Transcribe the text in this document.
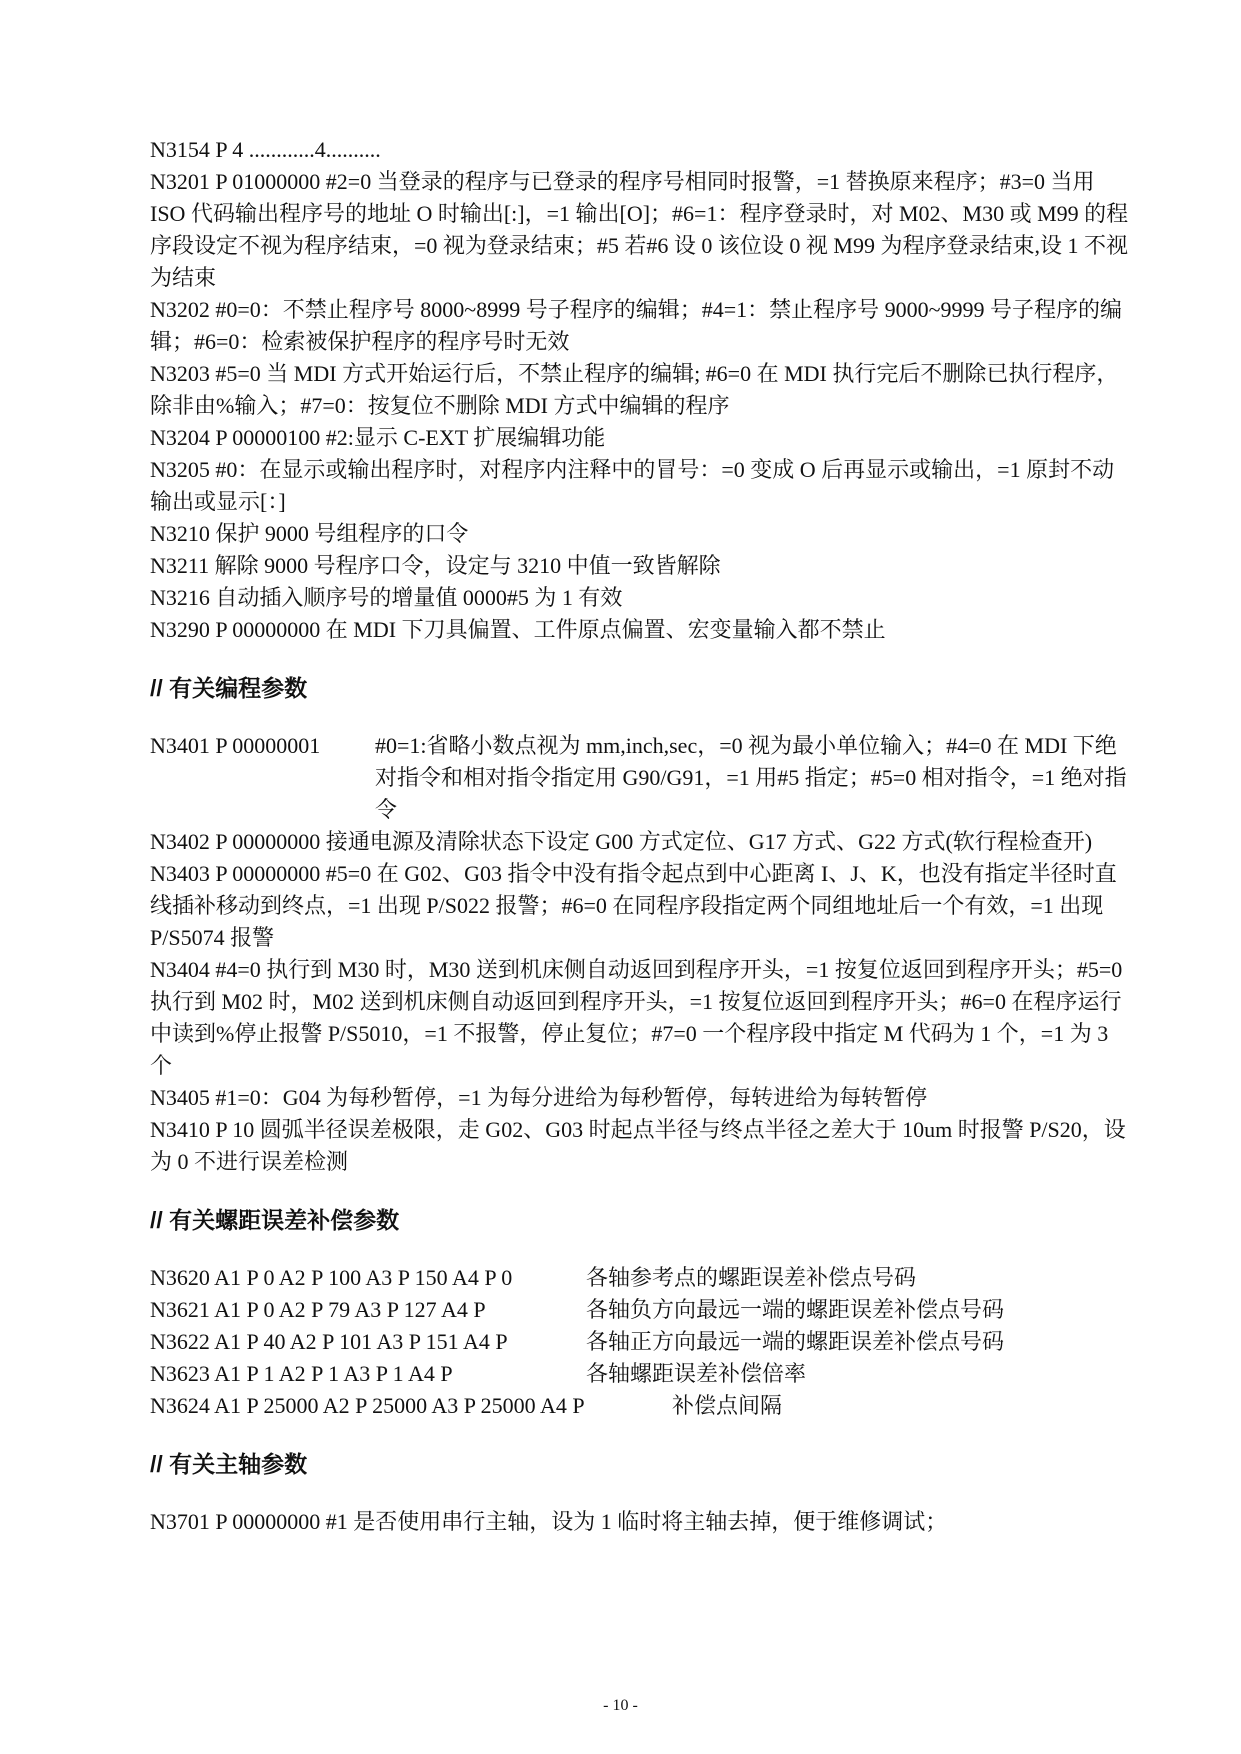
N3154 P 4 ............4..........

N3201 P 01000000 #2=0 当登录的程序与已登录的程序号相同时报警，=1 替换原来程序；#3=0 当用 ISO 代码输出程序号的地址 O 时输出[:]，=1 输出[O]；#6=1：程序登录时，对 M02、M30 或 M99 的程序段设定不视为程序结束，=0 视为登录结束；#5 若#6 设 0 该位设 0 视 M99 为程序登录结束,设 1 不视为结束

N3202 #0=0：不禁止程序号 8000~8999 号子程序的编辑；#4=1：禁止程序号 9000~9999 号子程序的编辑；#6=0：检索被保护程序的程序号时无效

N3203 #5=0 当 MDI 方式开始运行后，不禁止程序的编辑; #6=0 在 MDI 执行完后不删除已执行程序，除非由%输入；#7=0：按复位不删除 MDI 方式中编辑的程序

N3204 P 00000100 #2:显示 C-EXT 扩展编辑功能

N3205 #0：在显示或输出程序时，对程序内注释中的冒号：=0 变成 O 后再显示或输出，=1 原封不动输出或显示[：]

N3210 保护 9000 号组程序的口令

N3211 解除 9000 号程序口令，设定与 3210 中值一致皆解除

N3216 自动插入顺序号的增量值 0000#5 为 1 有效

N3290 P 00000000 在 MDI 下刀具偏置、工件原点偏置、宏变量输入都不禁止

// 有关编程参数

N3401 P 00000001	#0=1:省略小数点视为 mm,inch,sec，=0 视为最小单位输入；#4=0 在 MDI 下绝对指令和相对指令指定用 G90/G91，=1 用#5 指定；#5=0 相对指令，=1 绝对指令

N3402 P 00000000 接通电源及清除状态下设定 G00 方式定位、G17 方式、G22 方式(软行程检查开)

N3403 P 00000000 #5=0 在 G02、G03 指令中没有指令起点到中心距离 I、J、K，也没有指定半径时直线插补移动到终点，=1 出现 P/S022 报警；#6=0 在同程序段指定两个同组地址后一个有效，=1 出现 P/S5074 报警

N3404 #4=0 执行到 M30 时，M30 送到机床侧自动返回到程序开头，=1 按复位返回到程序开头；#5=0 执行到 M02 时，M02 送到机床侧自动返回到程序开头，=1 按复位返回到程序开头；#6=0 在程序运行中读到%停止报警 P/S5010，=1 不报警，停止复位；#7=0 一个程序段中指定 M 代码为 1 个，=1 为 3 个

N3405 #1=0：G04 为每秒暂停，=1 为每分进给为每秒暂停，每转进给为每转暂停

N3410 P 10 圆弧半径误差极限，走 G02、G03 时起点半径与终点半径之差大于 10um 时报警 P/S20，设为 0 不进行误差检测

// 有关螺距误差补偿参数

N3620 A1 P 0 A2 P 100 A3 P 150 A4 P 0	各轴参考点的螺距误差补偿点号码
N3621 A1 P 0 A2 P 79 A3 P 127 A4 P	各轴负方向最远一端的螺距误差补偿点号码
N3622 A1 P 40 A2 P 101 A3 P 151 A4 P	各轴正方向最远一端的螺距误差补偿点号码
N3623 A1 P 1 A2 P 1 A3 P 1 A4 P	各轴螺距误差补偿倍率
N3624 A1 P 25000 A2 P 25000 A3 P 25000 A4 P	补偿点间隔

// 有关主轴参数

N3701 P 00000000 #1 是否使用串行主轴，设为 1 临时将主轴去掉，便于维修调试；

- 10 -
